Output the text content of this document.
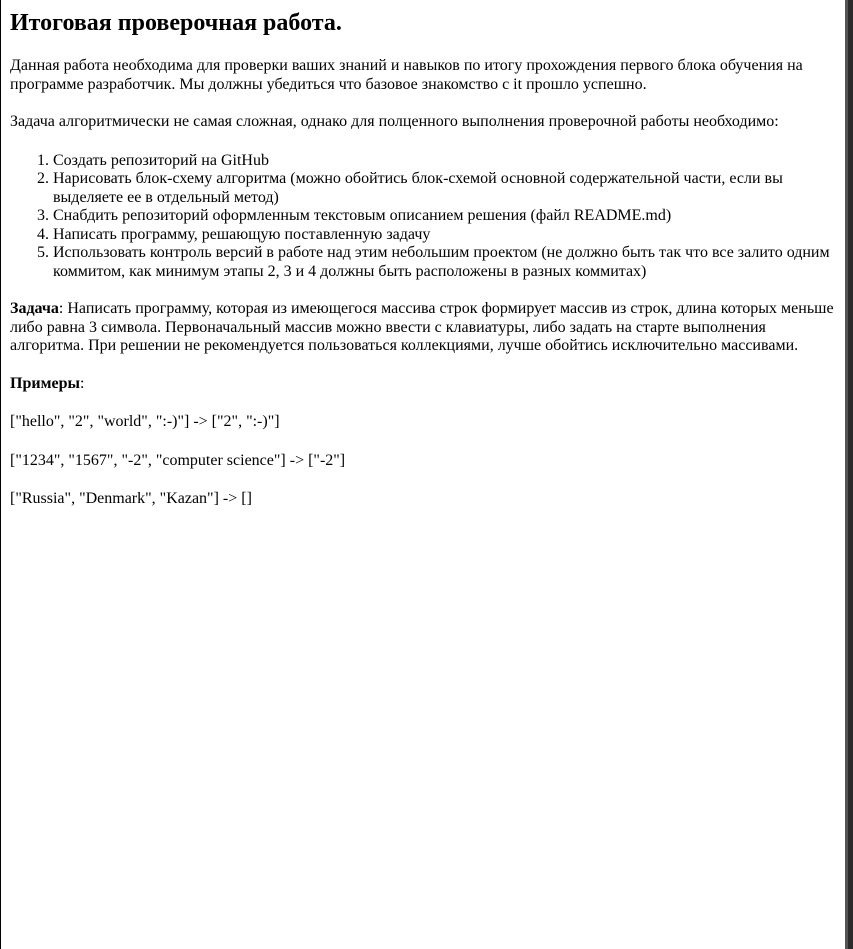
Итоговая проверочная работа.

Данная работа необходима для проверки ваших знаний и навыков по итогу прохождения первого блока обучения на программе разработчик. Мы должны убедиться что базовое знакомство с it прошло успешно.

Задача алгоритмически не самая сложная, однако для полценного выполнения проверочной работы необходимо:

1. Создать репозиторий на GitHub
2. Нарисовать блок-схему алгоритма (можно обойтись блок-схемой основной содержательной части, если вы выделяете ее в отдельный метод)
3. Снабдить репозиторий оформленным текстовым описанием решения (файл README.md)
4. Написать программу, решающую поставленную задачу
5. Использовать контроль версий в работе над этим небольшим проектом (не должно быть так что все залито одним коммитом, как минимум этапы 2, 3 и 4 должны быть расположены в разных коммитах)

Задача: Написать программу, которая из имеющегося массива строк формирует массив из строк, длина которых меньше либо равна 3 символа. Первоначальный массив можно ввести с клавиатуры, либо задать на старте выполнения алгоритма. При решении не рекомендуется пользоваться коллекциями, лучше обойтись исключительно массивами.

Примеры:

["hello", "2", "world", ":-)"] -> ["2", ":-)"]

["1234", "1567", "-2", "computer science"] -> ["-2"]

["Russia", "Denmark", "Kazan"] -> []
